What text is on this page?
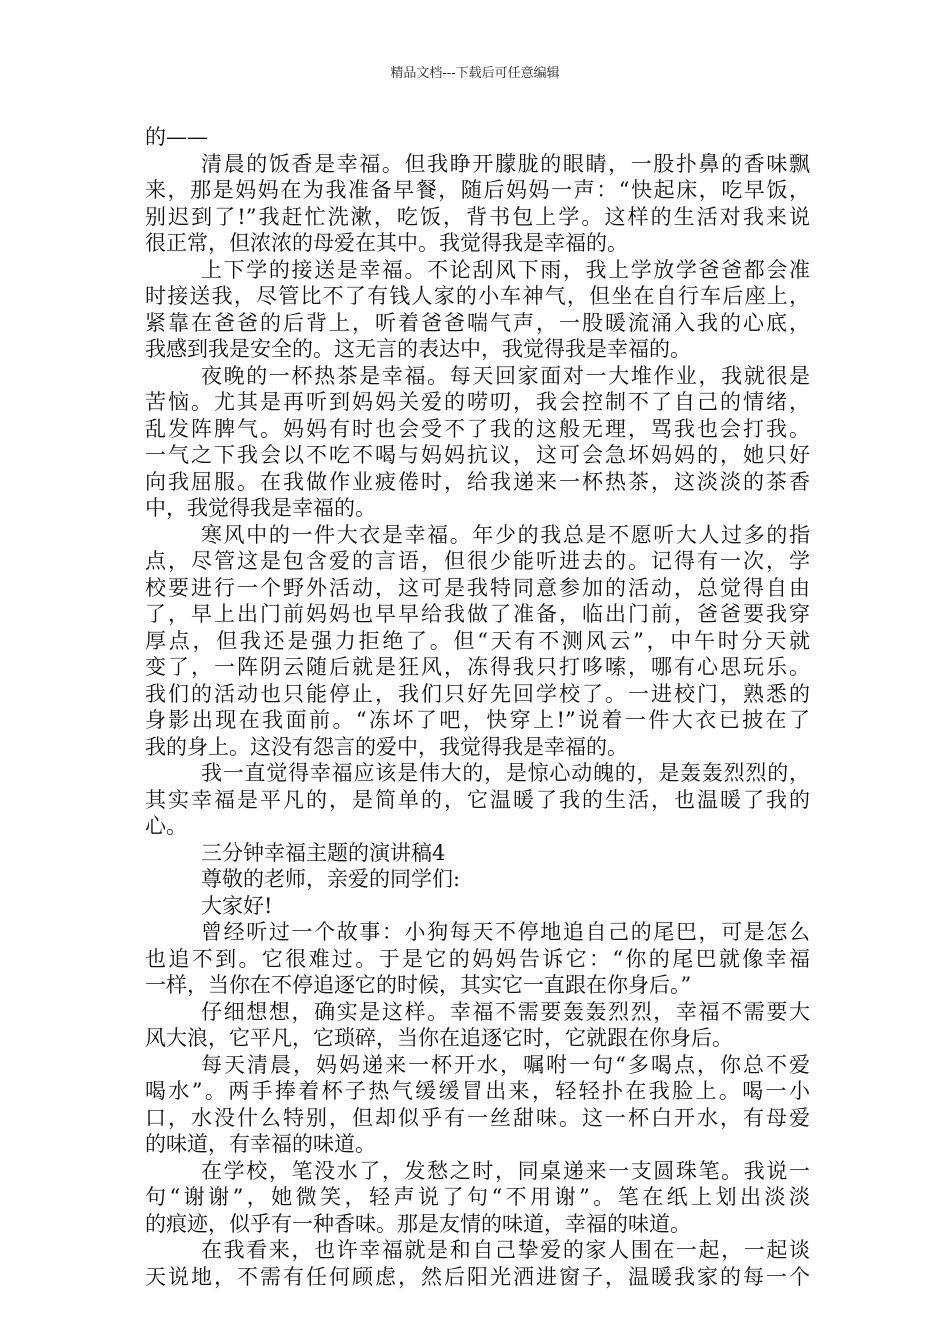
精品文档---下载后可任意编辑
的——
清晨的饭香是幸福。但我睁开朦胧的眼睛，一股扑鼻的香味飘
来，那是妈妈在为我准备早餐，随后妈妈一声：“快起床，吃早饭，
别迟到了!”我赶忙洗漱，吃饭，背书包上学。这样的生活对我来说
很正常，但浓浓的母爱在其中。我觉得我是幸福的。
上下学的接送是幸福。不论刮风下雨，我上学放学爸爸都会准
时接送我，尽管比不了有钱人家的小车神气，但坐在自行车后座上，
紧靠在爸爸的后背上，听着爸爸喘气声，一股暖流涌入我的心底，
我感到我是安全的。这无言的表达中，我觉得我是幸福的。
夜晚的一杯热茶是幸福。每天回家面对一大堆作业，我就很是
苦恼。尤其是再听到妈妈关爱的唠叨，我会控制不了自己的情绪，
乱发阵脾气。妈妈有时也会受不了我的这般无理，骂我也会打我。
一气之下我会以不吃不喝与妈妈抗议，这可会急坏妈妈的，她只好
向我屈服。在我做作业疲倦时，给我递来一杯热茶，这淡淡的茶香
中，我觉得我是幸福的。
寒风中的一件大衣是幸福。年少的我总是不愿听大人过多的指
点，尽管这是包含爱的言语，但很少能听进去的。记得有一次，学
校要进行一个野外活动，这可是我特同意参加的活动，总觉得自由
了，早上出门前妈妈也早早给我做了准备，临出门前，爸爸要我穿
厚点，但我还是强力拒绝了。但“天有不测风云”，中午时分天就
变了，一阵阴云随后就是狂风，冻得我只打哆嗦，哪有心思玩乐。
我们的活动也只能停止，我们只好先回学校了。一进校门，熟悉的
身影出现在我面前。“冻坏了吧，快穿上!”说着一件大衣已披在了
我的身上。这没有怨言的爱中，我觉得我是幸福的。
我一直觉得幸福应该是伟大的，是惊心动魄的，是轰轰烈烈的，
其实幸福是平凡的，是简单的，它温暖了我的生活，也温暖了我的
心。
三分钟幸福主题的演讲稿4
尊敬的老师，亲爱的同学们:
大家好!
曾经听过一个故事：小狗每天不停地追自己的尾巴，可是怎么
也追不到。它很难过。于是它的妈妈告诉它：“你的尾巴就像幸福
一样，当你在不停追逐它的时候，其实它一直跟在你身后。”
仔细想想，确实是这样。幸福不需要轰轰烈烈，幸福不需要大
风大浪，它平凡，它琐碎，当你在追逐它时，它就跟在你身后。
每天清晨，妈妈递来一杯开水，嘱咐一句“多喝点，你总不爱
喝水”。两手捧着杯子热气缓缓冒出来，轻轻扑在我脸上。喝一小
口，水没什么特别，但却似乎有一丝甜味。这一杯白开水，有母爱
的味道，有幸福的味道。
在学校，笔没水了，发愁之时，同桌递来一支圆珠笔。我说一
句“谢谢”，她微笑，轻声说了句“不用谢”。笔在纸上划出淡淡
的痕迹，似乎有一种香味。那是友情的味道，幸福的味道。
在我看来，也许幸福就是和自己挚爱的家人围在一起，一起谈
天说地，不需有任何顾虑，然后阳光洒进窗子，温暖我家的每一个
